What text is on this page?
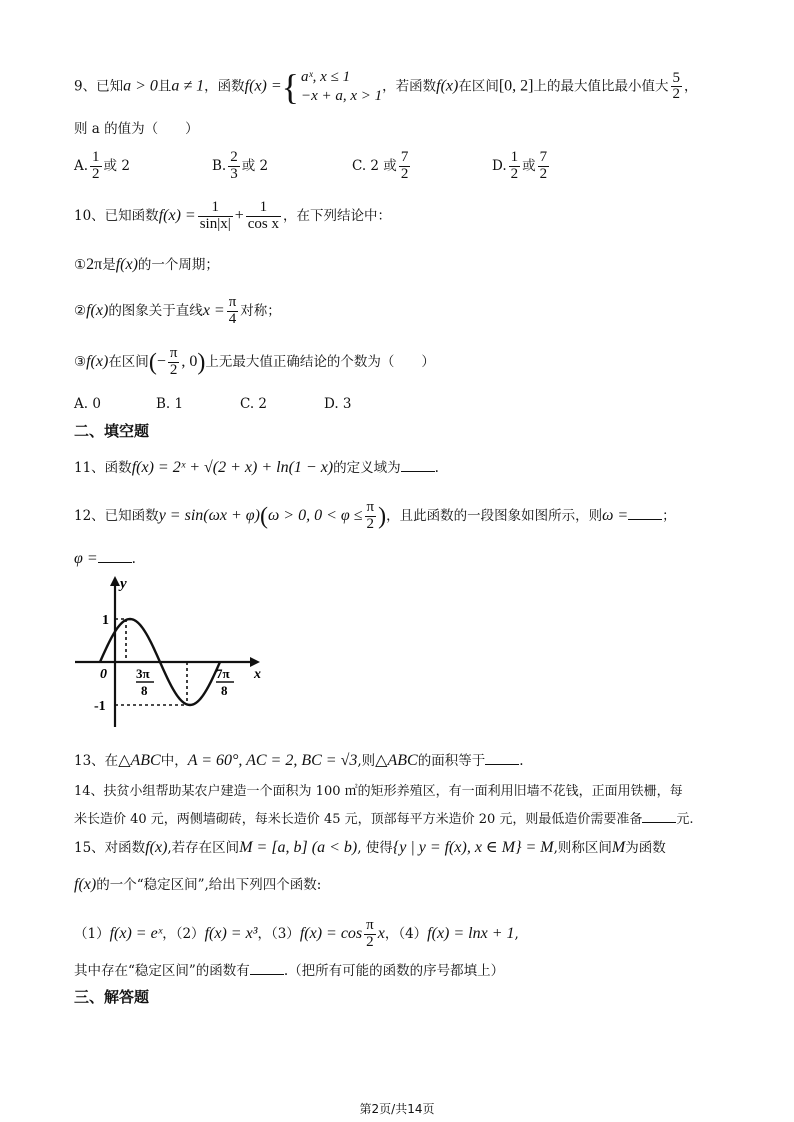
9、已知a > 0且a ≠ 1，函数f(x) ={ aˣ, x ≤ 1
−x + a, x > 1
，若函数f(x)在区间[0, 2]上的最大值比最小值大 $\frac{5}{2}$ ，
则 a 的值为（　　）
A. $\frac{1}{2}$ 或 2	B. $\frac{2}{3}$ 或 2	C. 2 或 $\frac{7}{2}$	D. $\frac{1}{2}$ 或 $\frac{7}{2}$
10、已知函数$f(x) = \frac{1}{\sin|x|} + \frac{1}{\text{cos x}}$ ，在下列结论中：
①2π是f(x)的一个周期；
②f(x)的图象关于直线$x = \frac{\pi}{4}$ 对称；
③f(x)在区间(− $\frac{\pi}{2}$ , 0)上无最大值正确结论的个数为（　　）
A. 0	B. 1	C. 2	D. 3
二、填空题
11、函数f(x) = 2ˣ + √(2 + x) + ln(1 − x)的定义域为	.
12、已知函数y = sin(ωx + φ)(ω > 0, $0 < \varphi \le \frac{\pi}{2}$ )，且此函数的一段图象如图所示，则ω =	；
φ =	.
y
x
0
1
-1
3π
8
7π
8
13、在△ABC中，A = 60°, AC = 2, BC = √3,则△ABC的面积等于	.
14、扶贫小组帮助某农户建造一个面积为 100 ㎡的矩形养殖区，有一面利用旧墙不花钱，正面用铁栅，每
米长造价 40 元，两侧墙砌砖，每米长造价 45 元，顶部每平方米造价 20 元，则最低造价需要准备	元.
15、对函数f(x),若存在区间M = [a, b] (a < b), 使得{y | y = f(x), x ∈ M} = M,则称区间M为函数
f(x)的一个“稳定区间”,给出下列四个函数:
（1）f(x) = eˣ，（2）f(x) = x³，$(3)f(x) = \cos \frac{\pi}{2}$ x，（4）f(x) = lnx + 1,
其中存在“稳定区间”的函数有	.（把所有可能的函数的序号都填上）
三、解答题
第2页/共14页
